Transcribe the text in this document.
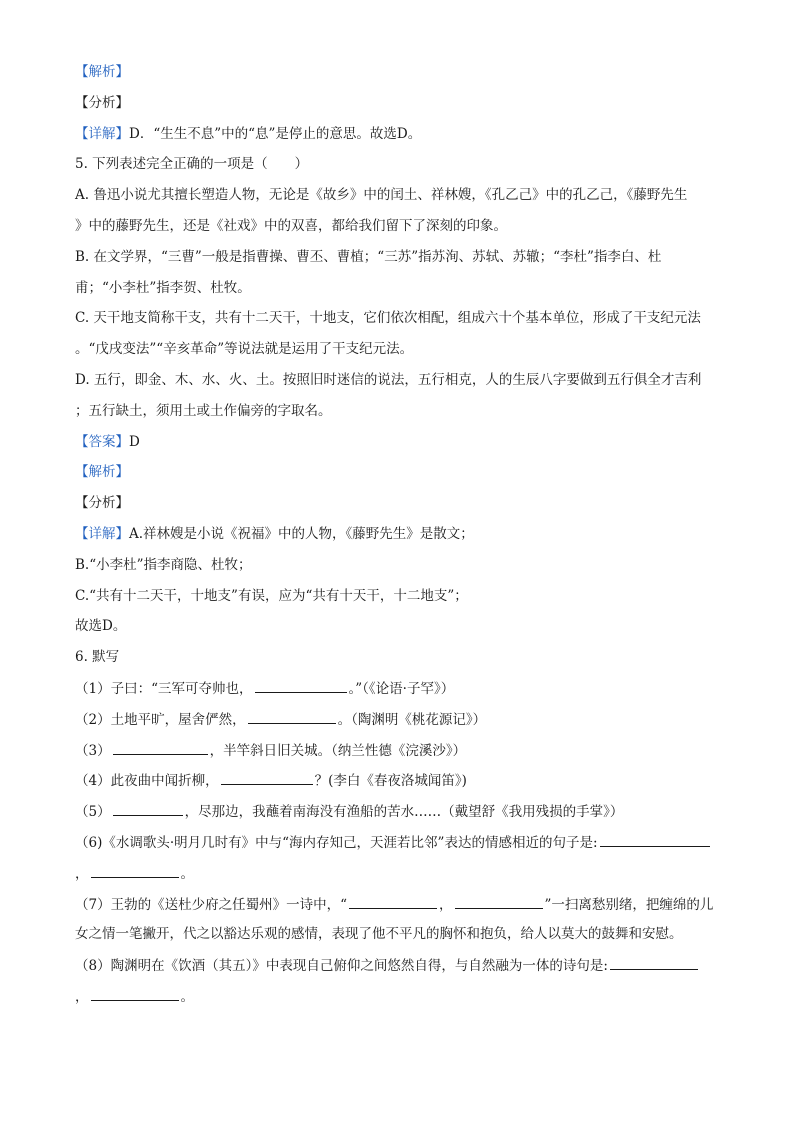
【解析】
【分析】
【详解】D．“生生不息”中的“息”是停止的意思。故选D。
5. 下列表述完全正确的一项是（　　）
A. 鲁迅小说尤其擅长塑造人物，无论是《故乡》中的闰土、祥林嫂，《孔乙己》中的孔乙己，《藤野先生
》中的藤野先生，还是《社戏》中的双喜，都给我们留下了深刻的印象。
B. 在文学界，“三曹”一般是指曹操、曹丕、曹植；“三苏”指苏洵、苏轼、苏辙；“李杜”指李白、杜
甫；“小李杜”指李贺、杜牧。
C. 天干地支简称干支，共有十二天干，十地支，它们依次相配，组成六十个基本单位，形成了干支纪元法
。“戊戌变法”“辛亥革命”等说法就是运用了干支纪元法。
D. 五行，即金、木、水、火、土。按照旧时迷信的说法，五行相克，人的生辰八字要做到五行俱全才吉利
；五行缺土，须用土或土作偏旁的字取名。
【答案】D
【解析】
【分析】
【详解】A.祥林嫂是小说《祝福》中的人物，《藤野先生》是散文；
B.“小李杜”指李商隐、杜牧；
C.“共有十二天干，十地支”有误，应为“共有十天干，十二地支”；
故选D。
6. 默写
（1）子曰：“三军可夺帅也，	。”（《论语·子罕》）
（2）土地平旷，屋舍俨然，	。（陶渊明《桃花源记》）
（3）	，半竿斜日旧关城。（纳兰性德《浣溪沙》）
（4）此夜曲中闻折柳，	？(李白《春夜洛城闻笛》)
（5）	，尽那边，我蘸着南海没有渔船的苦水……（戴望舒《我用残损的手掌》）
（6)《水调歌头·明月几时有》中与“海内存知己，天涯若比邻”表达的情感相近的句子是:
，	。
（7）王勃的《送杜少府之任蜀州》一诗中，“	，	”一扫离愁别绪，把缠绵的儿
女之情一笔撇开，代之以豁达乐观的感情，表现了他不平凡的胸怀和抱负，给人以莫大的鼓舞和安慰。
（8）陶渊明在《饮酒（其五）》中表现自己俯仰之间悠然自得，与自然融为一体的诗句是:
，	。
